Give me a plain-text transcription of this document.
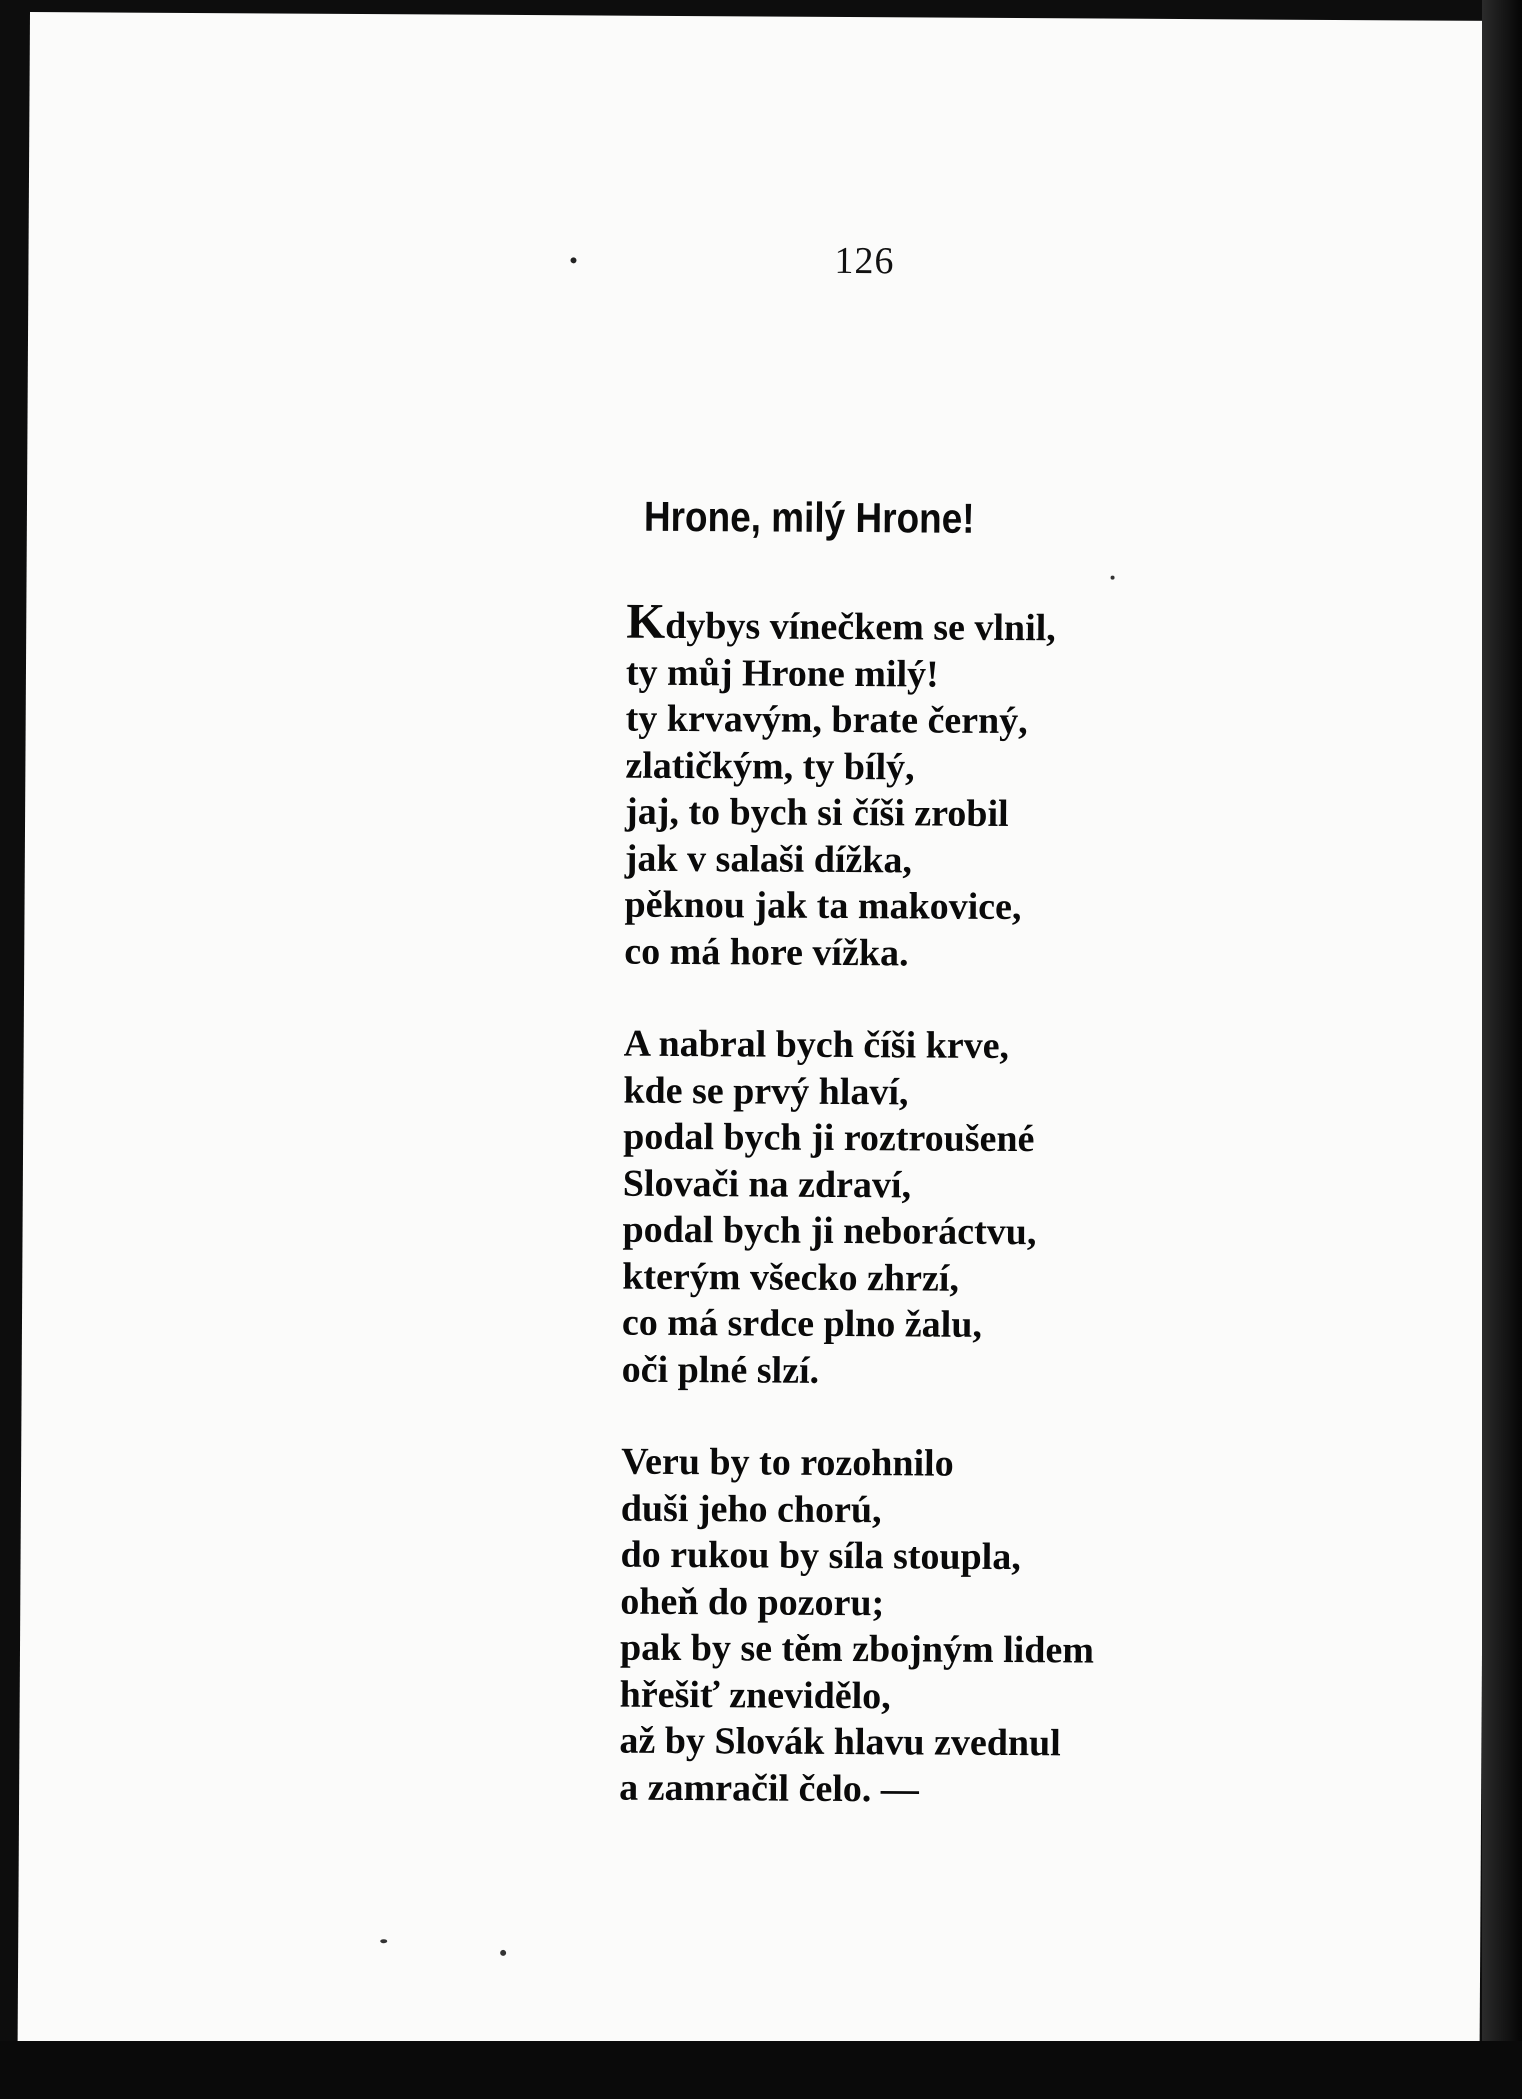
126
Hrone, milý Hrone!
Kdybys vínečkem se vlnil,
ty můj Hrone milý!
ty krvavým, brate černý,
zlatičkým, ty bílý,
jaj, to bych si číši zrobil
jak v salaši dížka,
pěknou jak ta makovice,
co má hore vížka.
A nabral bych číši krve,
kde se prvý hlaví,
podal bych ji roztroušené
Slovači na zdraví,
podal bych ji neboráctvu,
kterým všecko zhrzí,
co má srdce plno žalu,
oči plné slzí.
Veru by to rozohnilo
duši jeho chorú,
do rukou by síla stoupla,
oheň do pozoru;
pak by se těm zbojným lidem
hřešiť znevidělo,
až by Slovák hlavu zvednul
a zamračil čelo. —
